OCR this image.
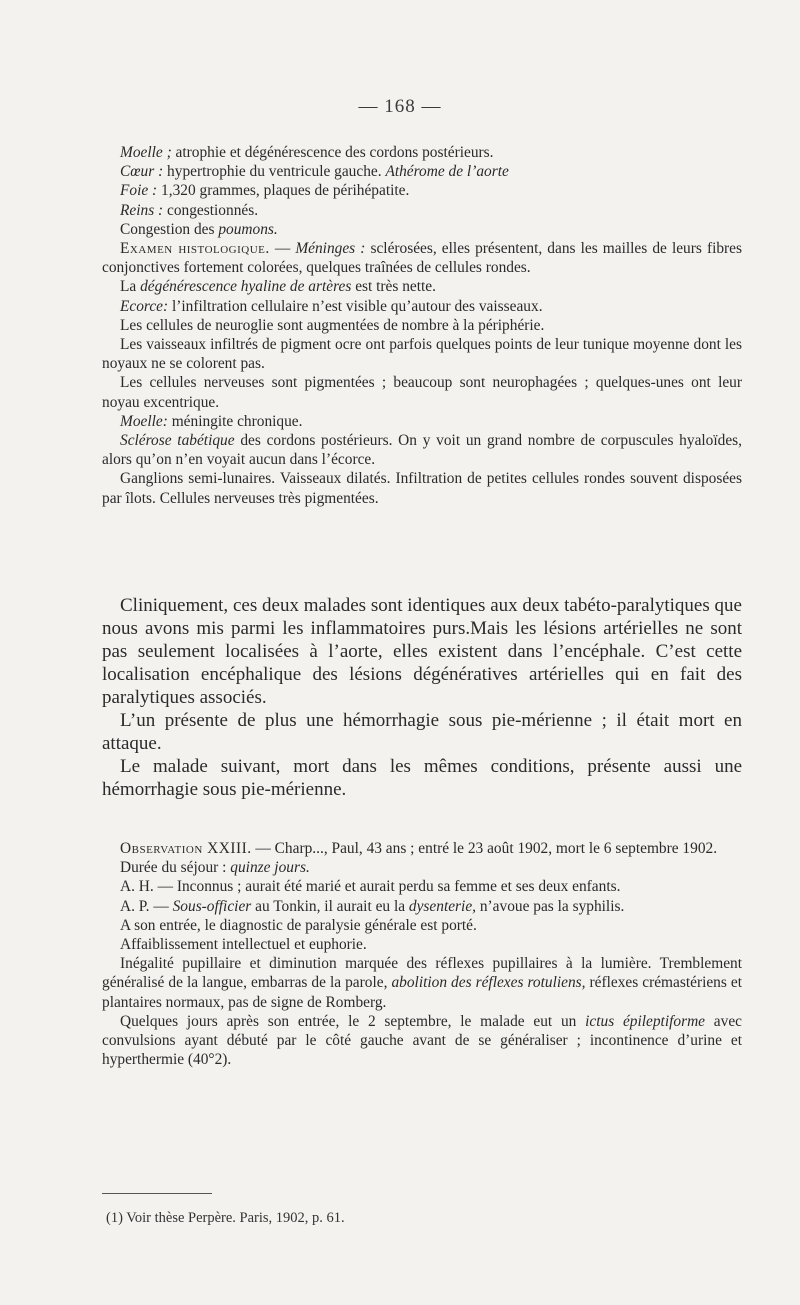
— 168 —

Moelle ; atrophie et dégénérescence des cordons postérieurs.

Cœur : hypertrophie du ventricule gauche. Athérome de l’aorte

Foie : 1,320 grammes, plaques de périhépatite.

Reins : congestionnés.

Congestion des poumons.

Examen histologique. — Méninges : sclérosées, elles présentent, dans les mailles de leurs fibres conjonctives fortement colorées, quelques traînées de cellules rondes.

La dégénérescence hyaline de artères est très nette.

Ecorce: l’infiltration cellulaire n’est visible qu’autour des vaisseaux.

Les cellules de neuroglie sont augmentées de nombre à la périphérie.

Les vaisseaux infiltrés de pigment ocre ont parfois quelques points de leur tunique moyenne dont les noyaux ne se colorent pas.

Les cellules nerveuses sont pigmentées ; beaucoup sont neurophagées ; quelques-unes ont leur noyau excentrique.

Moelle: méningite chronique.

Sclérose tabétique des cordons postérieurs. On y voit un grand nombre de corpuscules hyaloïdes, alors qu’on n’en voyait aucun dans l’écorce.

Ganglions semi-lunaires. Vaisseaux dilatés. Infiltration de petites cellules rondes souvent disposées par îlots. Cellules nerveuses très pigmentées.

Cliniquement, ces deux malades sont identiques aux deux tabéto-paralytiques que nous avons mis parmi les inflammatoires purs.Mais les lésions artérielles ne sont pas seulement localisées à l’aorte, elles existent dans l’encéphale. C’est cette localisation encéphalique des lésions dégénératives artérielles qui en fait des paralytiques associés.

L’un présente de plus une hémorrhagie sous pie-mérienne ; il était mort en attaque.

Le malade suivant, mort dans les mêmes conditions, présente aussi une hémorrhagie sous pie-mérienne.

Observation XXIII. — Charp..., Paul, 43 ans ; entré le 23 août 1902, mort le 6 septembre 1902.

Durée du séjour : quinze jours.

A. H. — Inconnus ; aurait été marié et aurait perdu sa femme et ses deux enfants.

A. P. — Sous-officier au Tonkin, il aurait eu la dysenterie, n’avoue pas la syphilis.

A son entrée, le diagnostic de paralysie générale est porté.

Affaiblissement intellectuel et euphorie.

Inégalité pupillaire et diminution marquée des réflexes pupillaires à la lumière. Tremblement généralisé de la langue, embarras de la parole, abolition des réflexes rotuliens, réflexes crémastériens et plantaires normaux, pas de signe de Romberg.

Quelques jours après son entrée, le 2 septembre, le malade eut un ictus épileptiforme avec convulsions ayant débuté par le côté gauche avant de se généraliser ; incontinence d’urine et hyperthermie (40°2).

(1) Voir thèse Perpère. Paris, 1902, p. 61.
